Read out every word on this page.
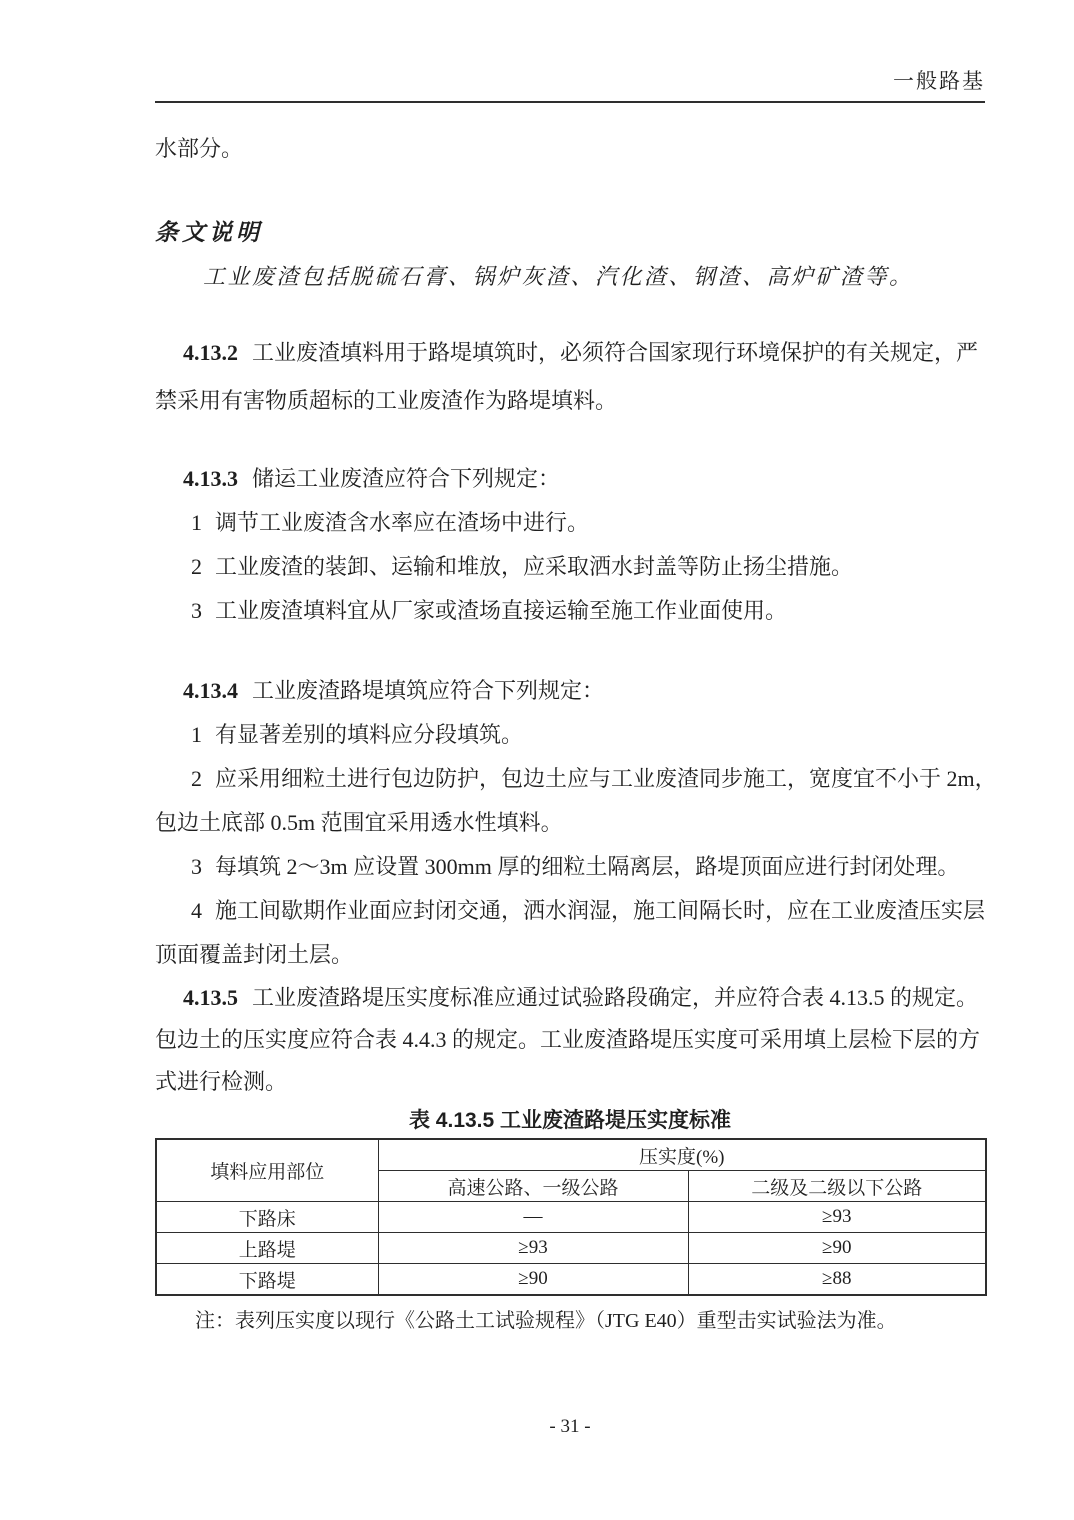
一般路基
水部分。
条文说明
工业废渣包括脱硫石膏、锅炉灰渣、汽化渣、钢渣、高炉矿渣等。
4.13.2 工业废渣填料用于路堤填筑时，必须符合国家现行环境保护的有关规定，严
禁采用有害物质超标的工业废渣作为路堤填料。
4.13.3 储运工业废渣应符合下列规定：
1 调节工业废渣含水率应在渣场中进行。
2 工业废渣的装卸、运输和堆放，应采取洒水封盖等防止扬尘措施。
3 工业废渣填料宜从厂家或渣场直接运输至施工作业面使用。
4.13.4 工业废渣路堤填筑应符合下列规定：
1 有显著差别的填料应分段填筑。
2 应采用细粒土进行包边防护，包边土应与工业废渣同步施工，宽度宜不小于 2m，
包边土底部 0.5m 范围宜采用透水性填料。
3 每填筑 2～3m 应设置 300mm 厚的细粒土隔离层，路堤顶面应进行封闭处理。
4 施工间歇期作业面应封闭交通，洒水润湿，施工间隔长时，应在工业废渣压实层
顶面覆盖封闭土层。
4.13.5 工业废渣路堤压实度标准应通过试验路段确定，并应符合表 4.13.5 的规定。
包边土的压实度应符合表 4.4.3 的规定。工业废渣路堤压实度可采用填上层检下层的方
式进行检测。
表 4.13.5 工业废渣路堤压实度标准
填料应用部位	压实度(%)	
	高速公路、一级公路	二级及二级以下公路
下路床	—	≥93
上路堤	≥93	≥90
下路堤	≥90	≥88
注：表列压实度以现行《公路土工试验规程》（JTG E40）重型击实试验法为准。
- 31 -
